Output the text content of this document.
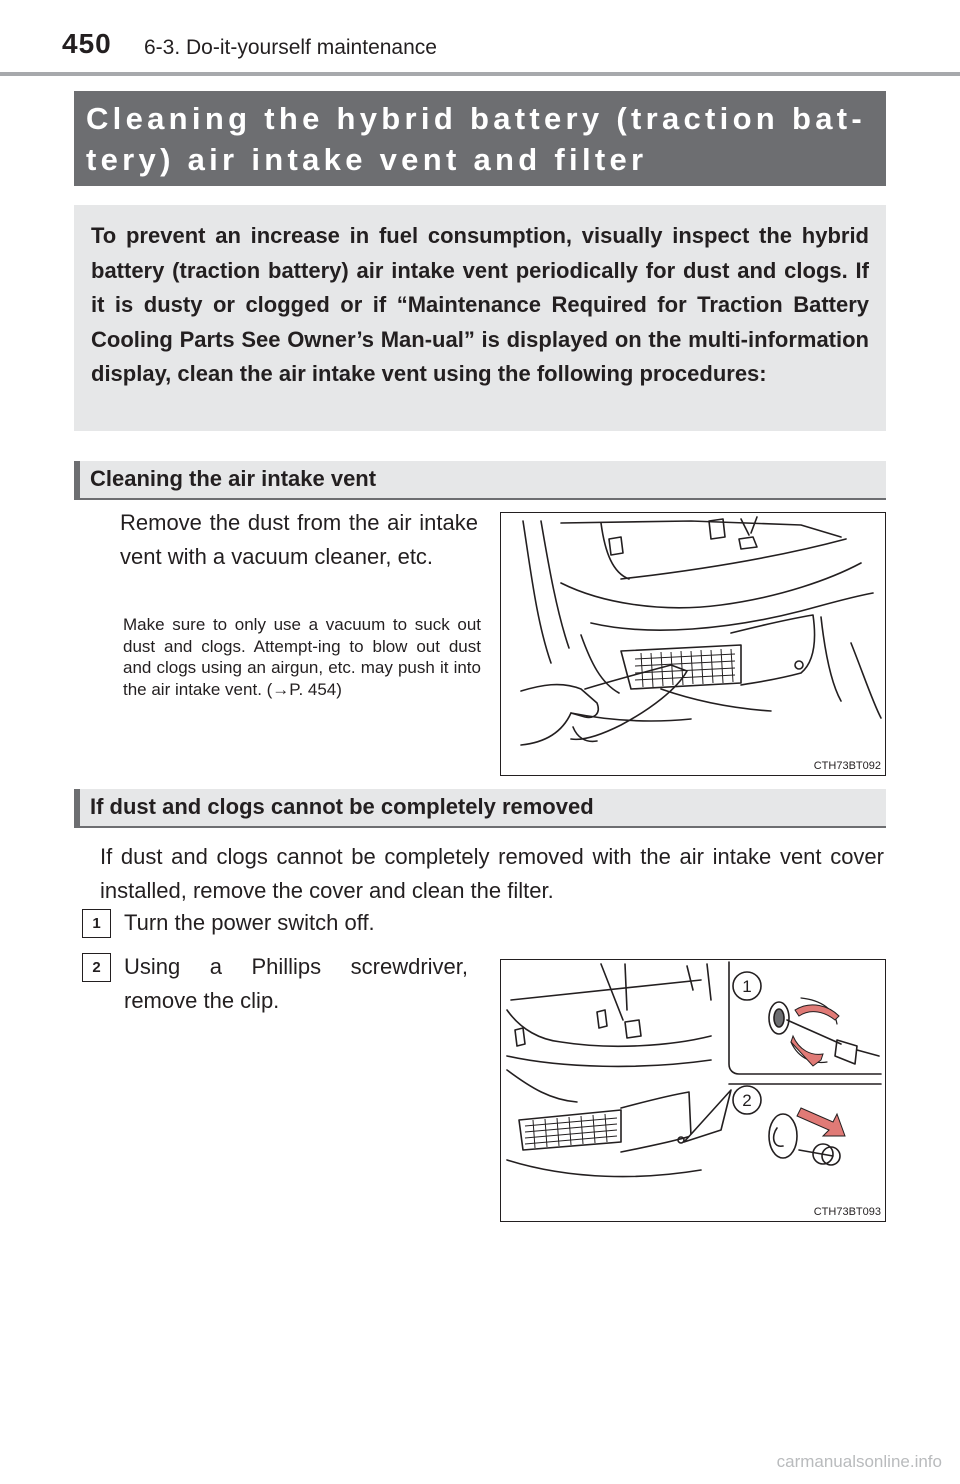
450 6-3. Do-it-yourself maintenance
Cleaning the hybrid battery (traction bat-
tery) air intake vent and filter
To prevent an increase in fuel consumption, visually inspect the hybrid battery (traction battery) air intake vent periodically for dust and clogs. If it is dusty or clogged or if “Maintenance Required for Traction Battery Cooling Parts See Owner’s Man-ual” is displayed on the multi-information display, clean the air intake vent using the following procedures:
Cleaning the air intake vent
Remove the dust from the air intake vent with a vacuum cleaner, etc.
Make sure to only use a vacuum to suck out dust and clogs. Attempt-ing to blow out dust and clogs using an airgun, etc. may push it into the air intake vent. (→P. 454)
CTH73BT092
If dust and clogs cannot be completely removed
If dust and clogs cannot be completely removed with the air intake vent cover installed, remove the cover and clean the filter.
1	Turn the power switch off.
2	Using a Phillips screwdriver, remove the clip.
1
2
CTH73BT093
carmanualsonline.info
